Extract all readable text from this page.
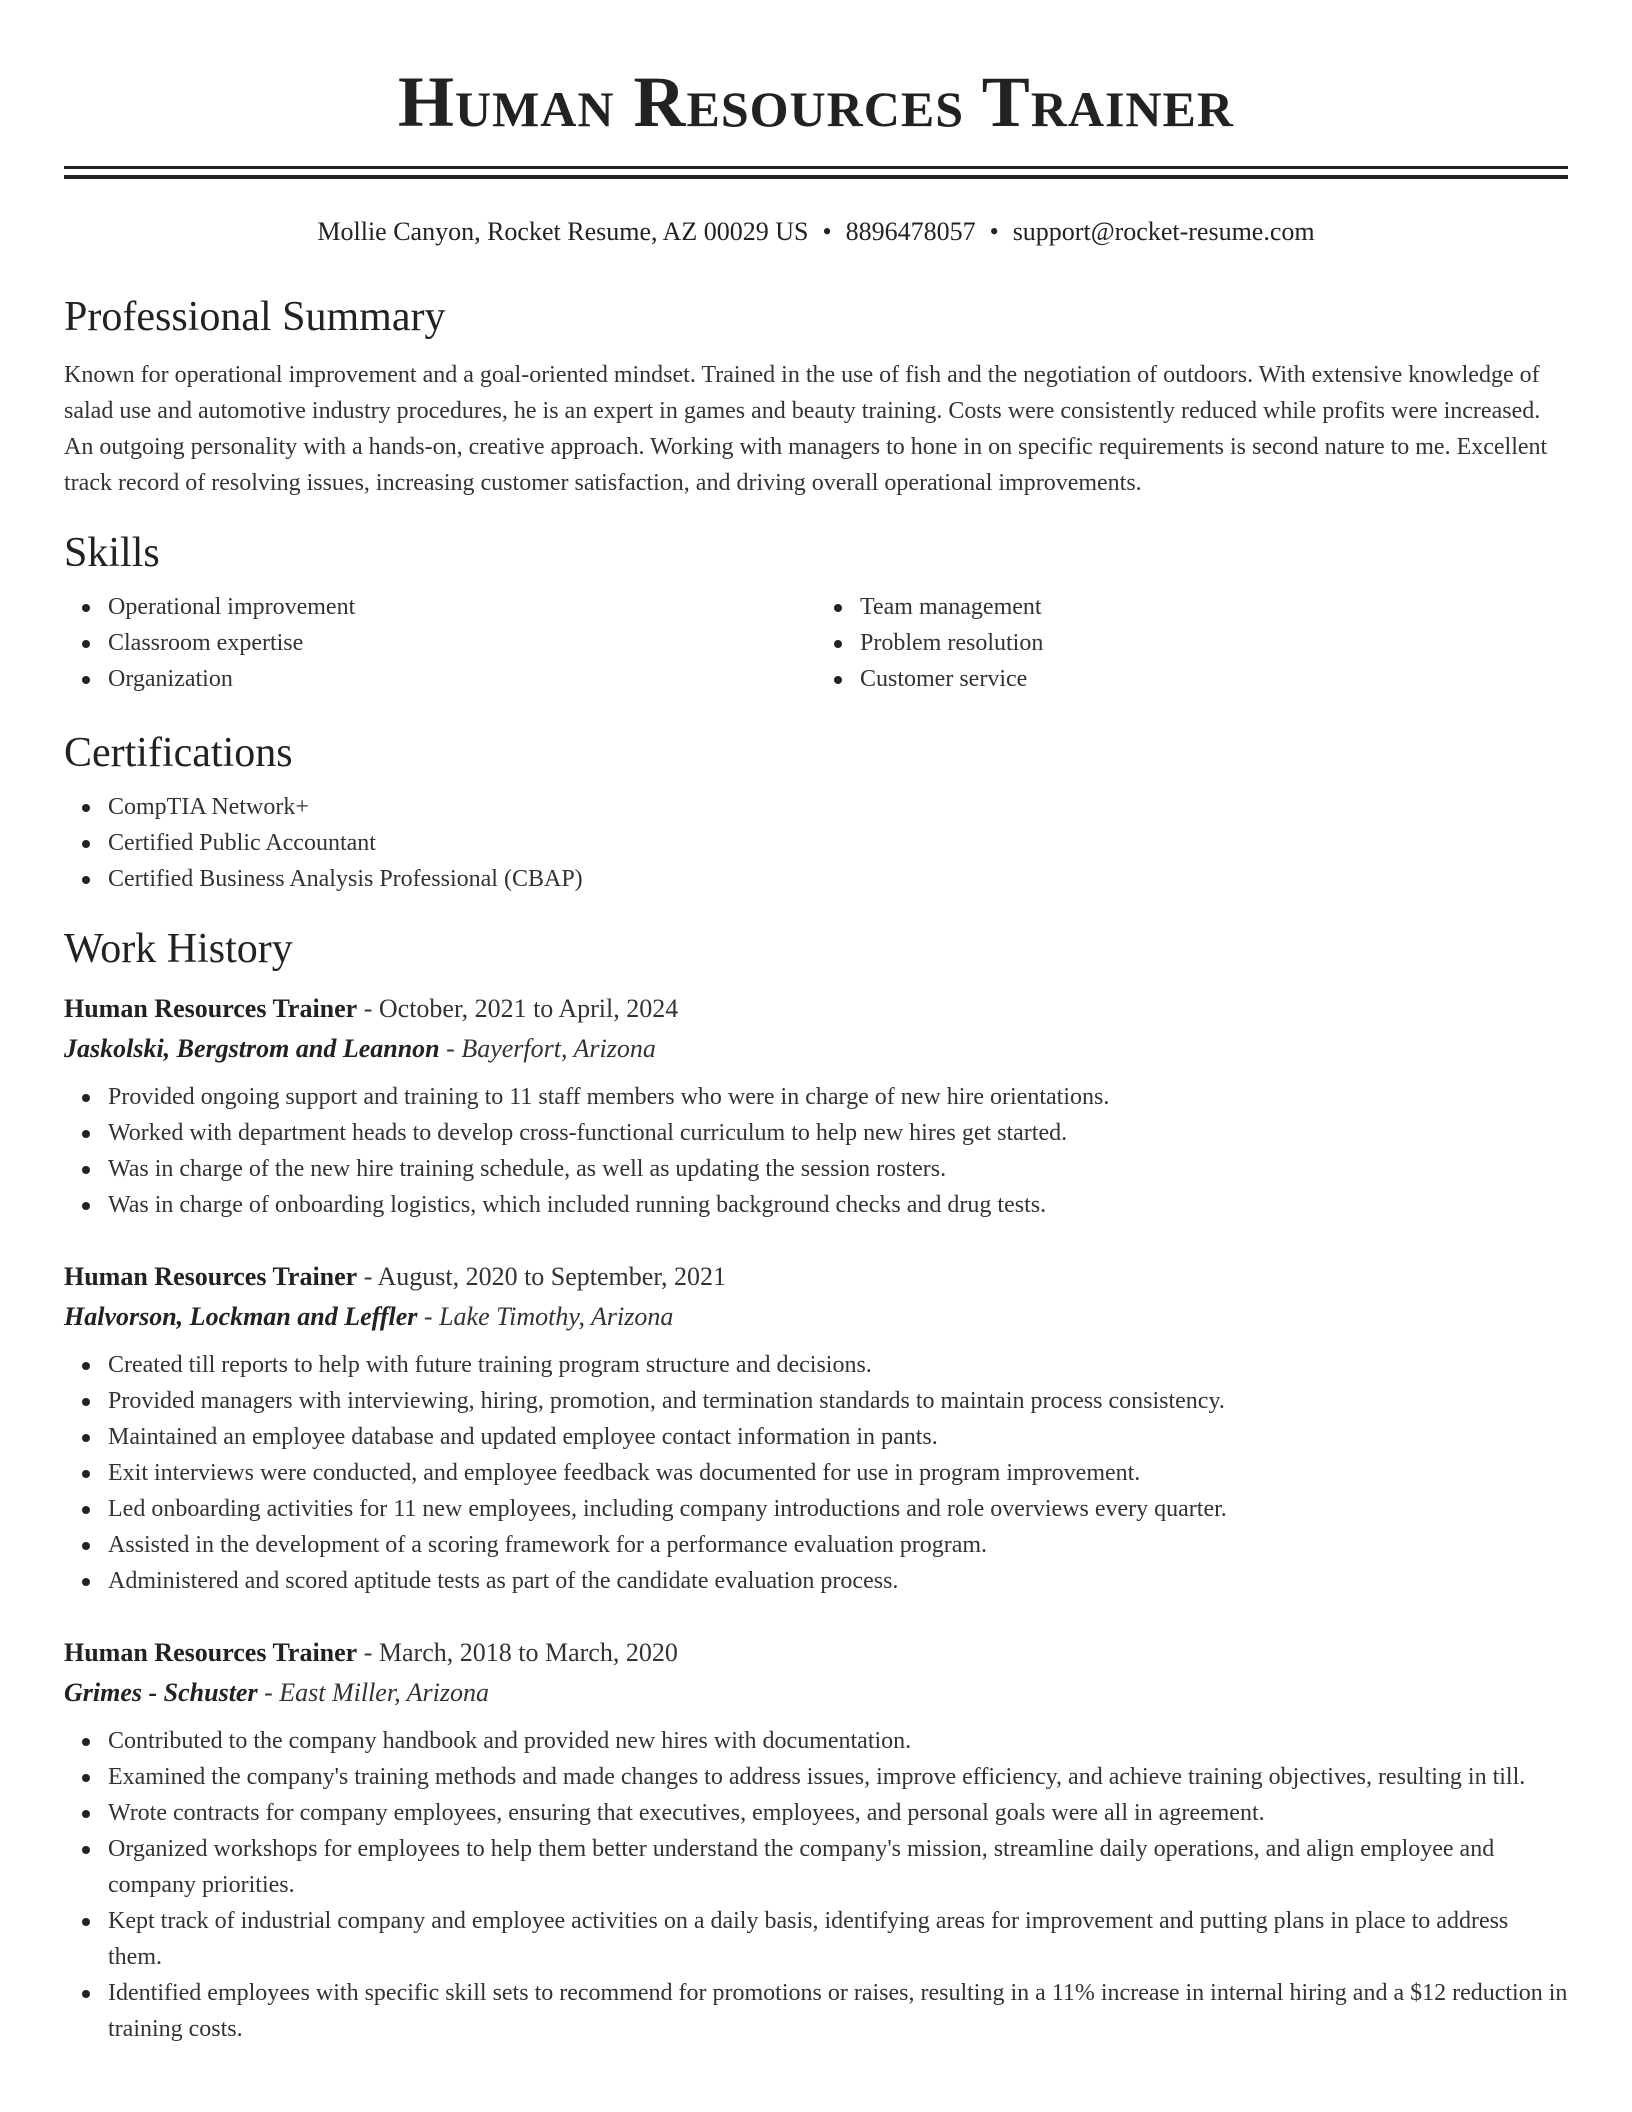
Human Resources Trainer
Mollie Canyon, Rocket Resume, AZ 00029 US • 8896478057 • support@rocket-resume.com
Professional Summary
Known for operational improvement and a goal-oriented mindset. Trained in the use of fish and the negotiation of outdoors. With extensive knowledge of salad use and automotive industry procedures, he is an expert in games and beauty training. Costs were consistently reduced while profits were increased. An outgoing personality with a hands-on, creative approach. Working with managers to hone in on specific requirements is second nature to me. Excellent track record of resolving issues, increasing customer satisfaction, and driving overall operational improvements.
Skills
Operational improvement
Classroom expertise
Organization
Team management
Problem resolution
Customer service
Certifications
CompTIA Network+
Certified Public Accountant
Certified Business Analysis Professional (CBAP)
Work History
Human Resources Trainer - October, 2021 to April, 2024
Jaskolski, Bergstrom and Leannon - Bayerfort, Arizona
Provided ongoing support and training to 11 staff members who were in charge of new hire orientations.
Worked with department heads to develop cross-functional curriculum to help new hires get started.
Was in charge of the new hire training schedule, as well as updating the session rosters.
Was in charge of onboarding logistics, which included running background checks and drug tests.
Human Resources Trainer - August, 2020 to September, 2021
Halvorson, Lockman and Leffler - Lake Timothy, Arizona
Created till reports to help with future training program structure and decisions.
Provided managers with interviewing, hiring, promotion, and termination standards to maintain process consistency.
Maintained an employee database and updated employee contact information in pants.
Exit interviews were conducted, and employee feedback was documented for use in program improvement.
Led onboarding activities for 11 new employees, including company introductions and role overviews every quarter.
Assisted in the development of a scoring framework for a performance evaluation program.
Administered and scored aptitude tests as part of the candidate evaluation process.
Human Resources Trainer - March, 2018 to March, 2020
Grimes - Schuster - East Miller, Arizona
Contributed to the company handbook and provided new hires with documentation.
Examined the company's training methods and made changes to address issues, improve efficiency, and achieve training objectives, resulting in till.
Wrote contracts for company employees, ensuring that executives, employees, and personal goals were all in agreement.
Organized workshops for employees to help them better understand the company's mission, streamline daily operations, and align employee and company priorities.
Kept track of industrial company and employee activities on a daily basis, identifying areas for improvement and putting plans in place to address them.
Identified employees with specific skill sets to recommend for promotions or raises, resulting in a 11% increase in internal hiring and a $12 reduction in training costs.
